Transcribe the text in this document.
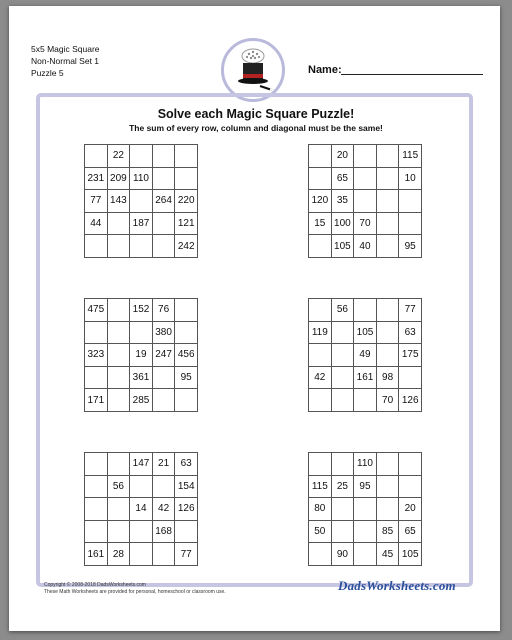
5x5 Magic Square
Non-Normal Set 1
Puzzle 5	Name:
Solve each Magic Square Puzzle!
The sum of every row, column and diagonal must be the same!
	22			
231	209	110		
77	143		264	220
44		187		121
				242
	20			115
	65			10
120	35			
15	100	70		
	105	40		95
475		152	76	
			380	
323		19	247	456
		361		95
171		285		
	56			77
119		105		63
		49		175
42		161	98	
			70	126
		147	21	63
	56			154
		14	42	126
			168	
161	28			77
		110		
115	25	95		
80				20
50			85	65
	90		45	105
Copyright © 2008-2018 DadsWorksheets.com
These Math Worksheets are provided for personal, homeschool or classroom use.	DadsWorksheets.com
